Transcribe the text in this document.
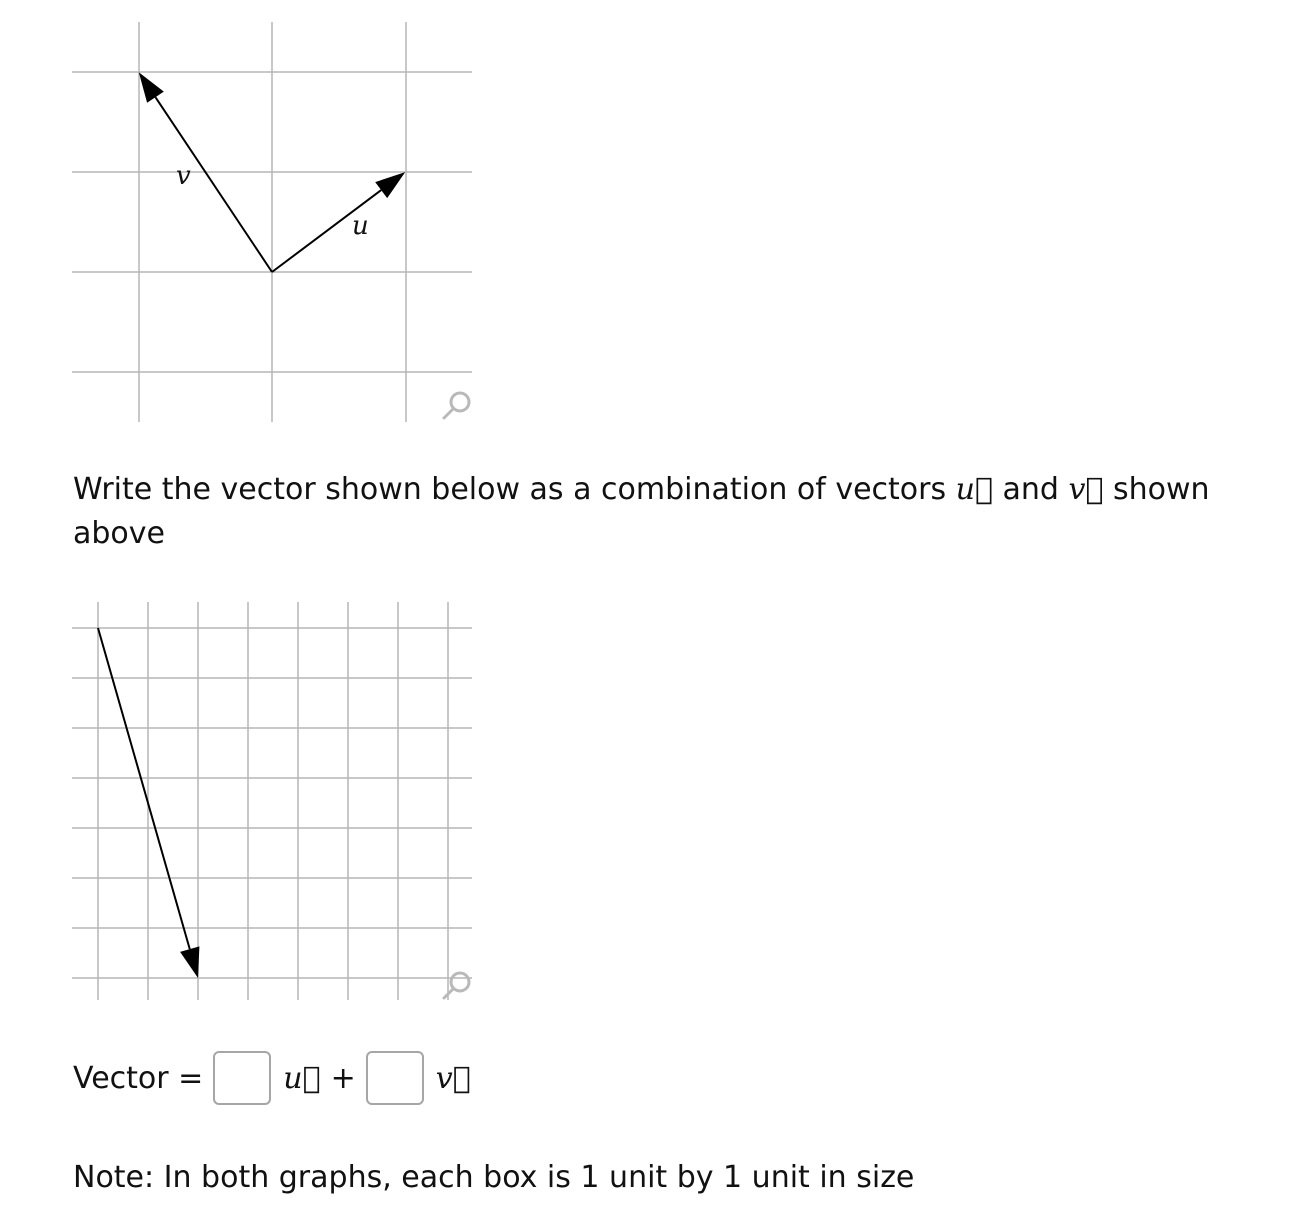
v
u

Write the vector shown below as a combination of vectors u⃗ and v⃗ shown above

Vector =	u⃗ +	v⃗

Note: In both graphs, each box is 1 unit by 1 unit in size
